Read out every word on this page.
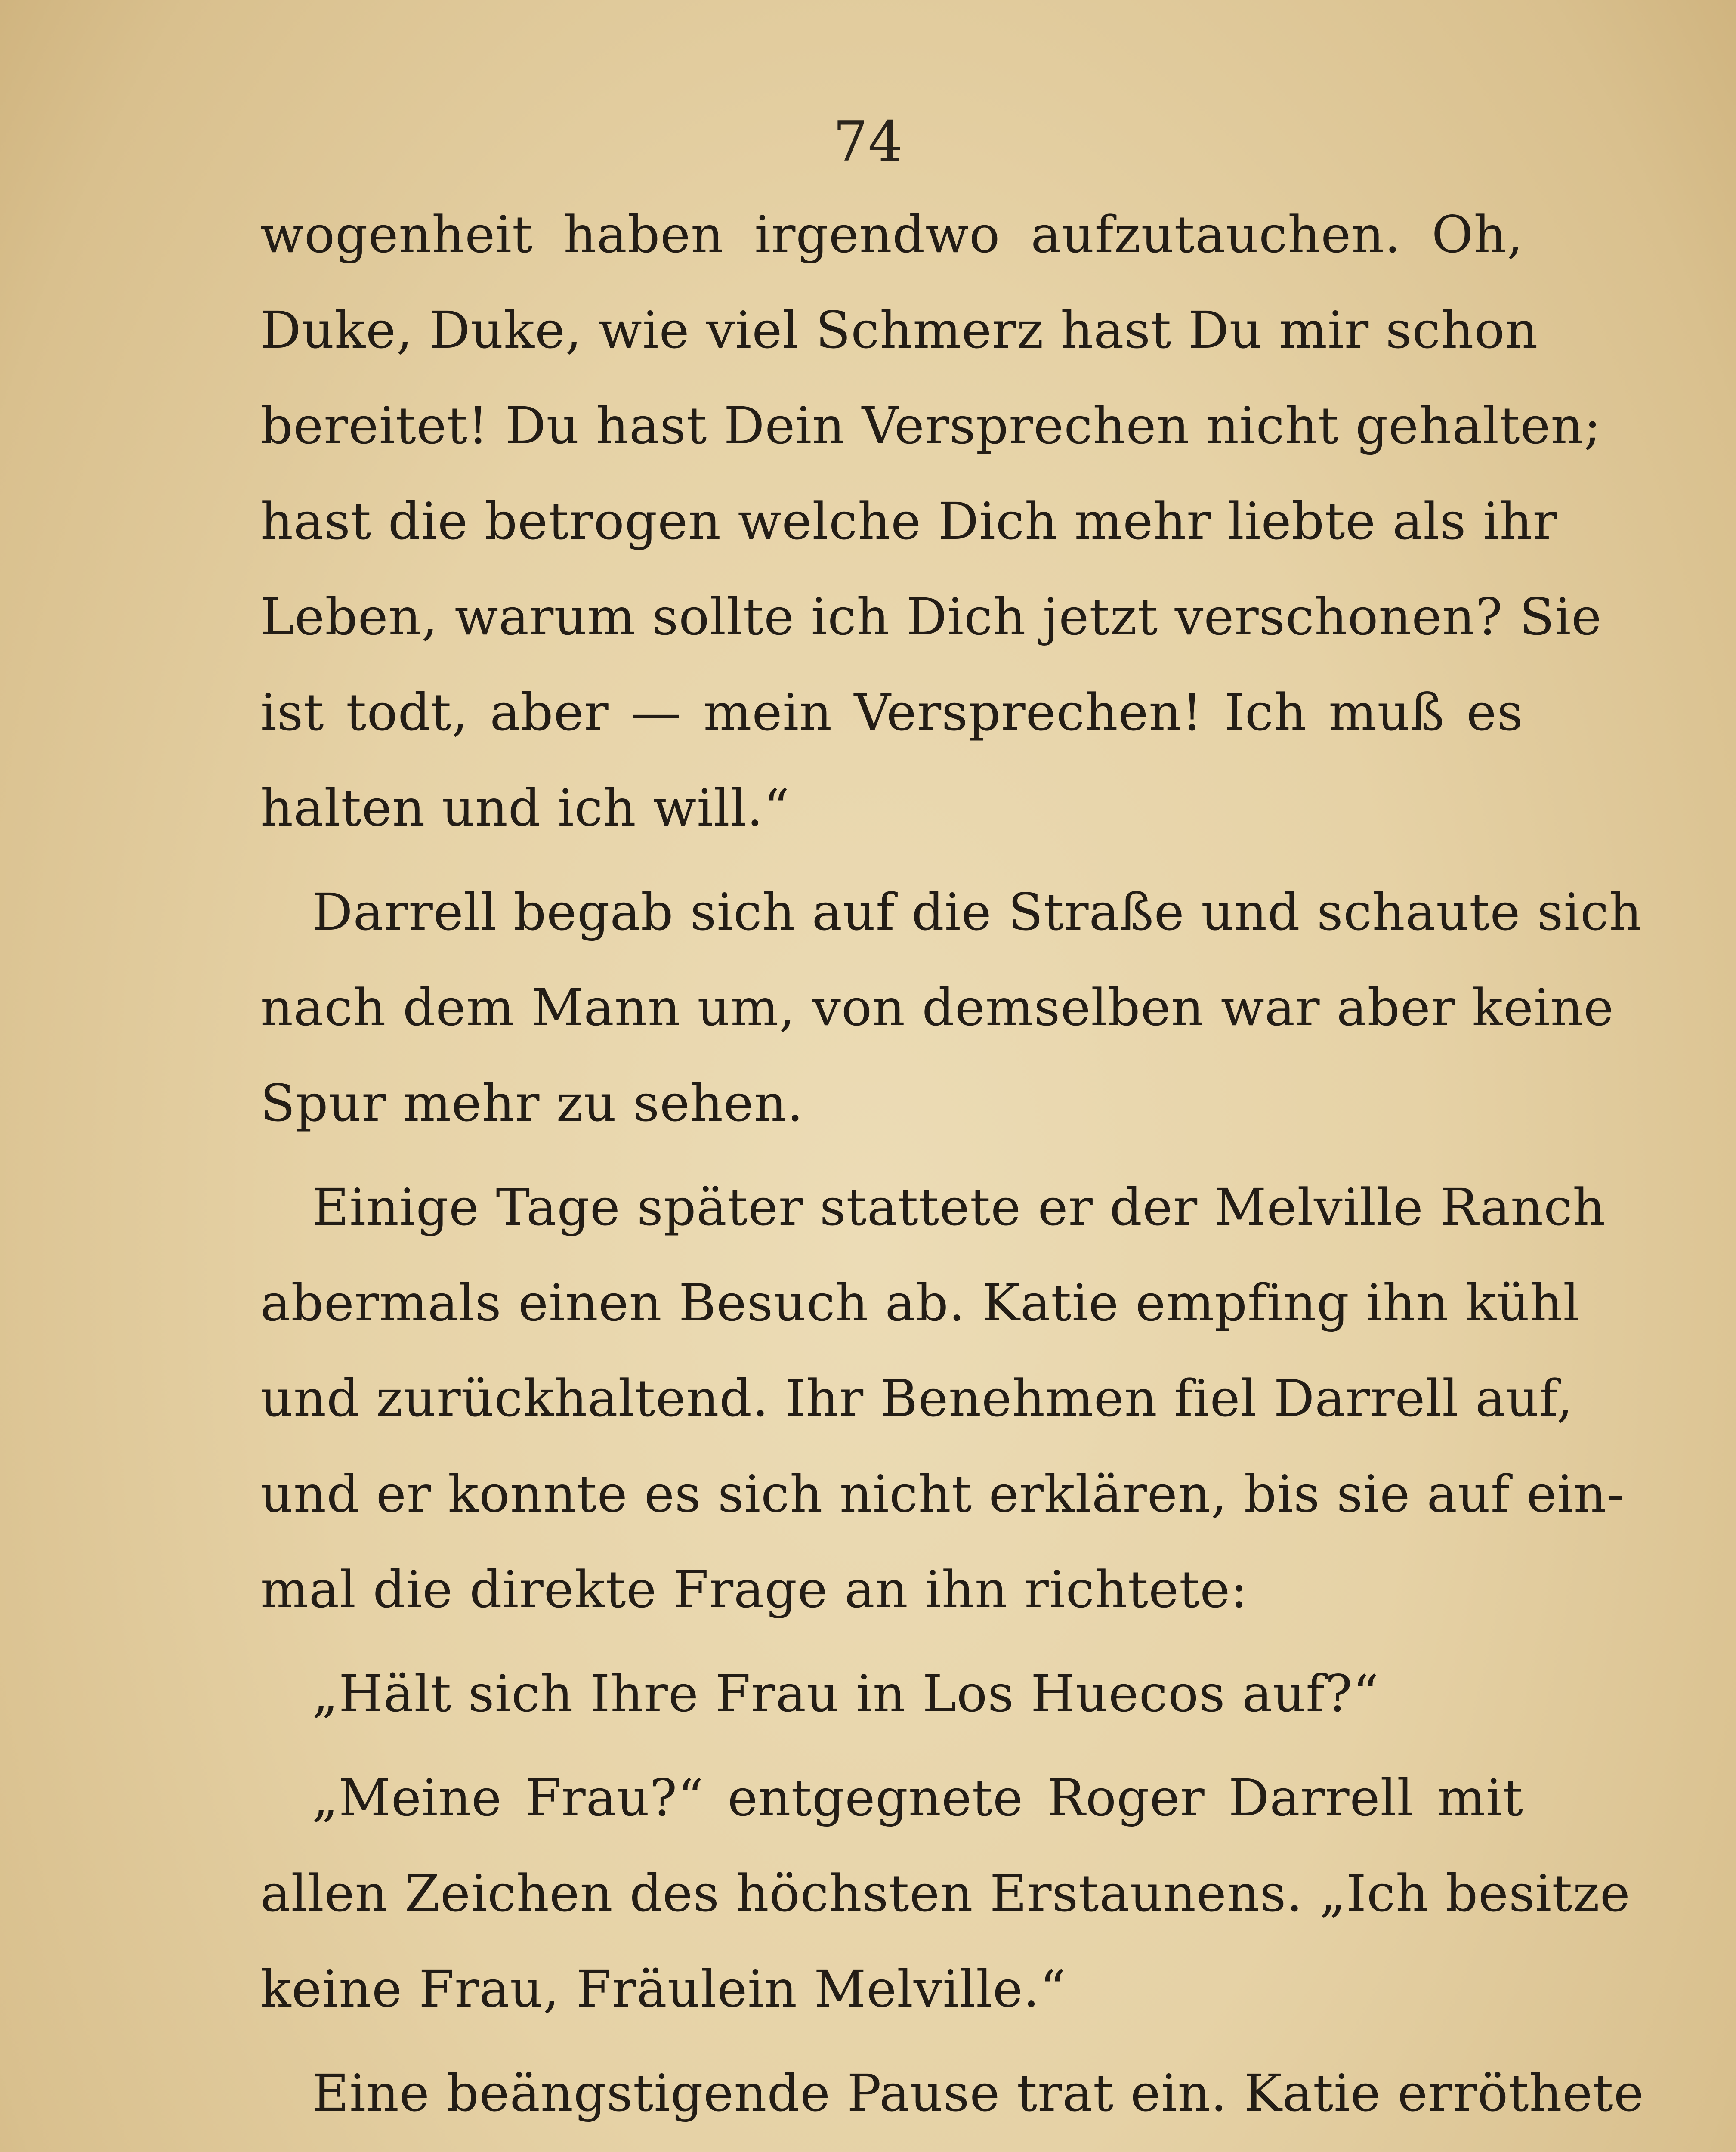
74
wogenheit haben irgendwo aufzutauchen. Oh,
Duke, Duke, wie viel Schmerz hast Du mir schon
bereitet! Du hast Dein Versprechen nicht gehalten;
hast die betrogen welche Dich mehr liebte als ihr
Leben, warum sollte ich Dich jetzt verschonen? Sie
ist todt, aber — mein Versprechen! Ich muß es
halten und ich will.“
Darrell begab sich auf die Straße und schaute sich
nach dem Mann um, von demselben war aber keine
Spur mehr zu sehen.
Einige Tage später stattete er der Melville Ranch
abermals einen Besuch ab. Katie empfing ihn kühl
und zurückhaltend. Ihr Benehmen fiel Darrell auf,
und er konnte es sich nicht erklären, bis sie auf ein-
mal die direkte Frage an ihn richtete:
„Hält sich Ihre Frau in Los Huecos auf?“
„Meine Frau?“ entgegnete Roger Darrell mit
allen Zeichen des höchsten Erstaunens. „Ich besitze
keine Frau, Fräulein Melville.“
Eine beängstigende Pause trat ein. Katie erröthete
